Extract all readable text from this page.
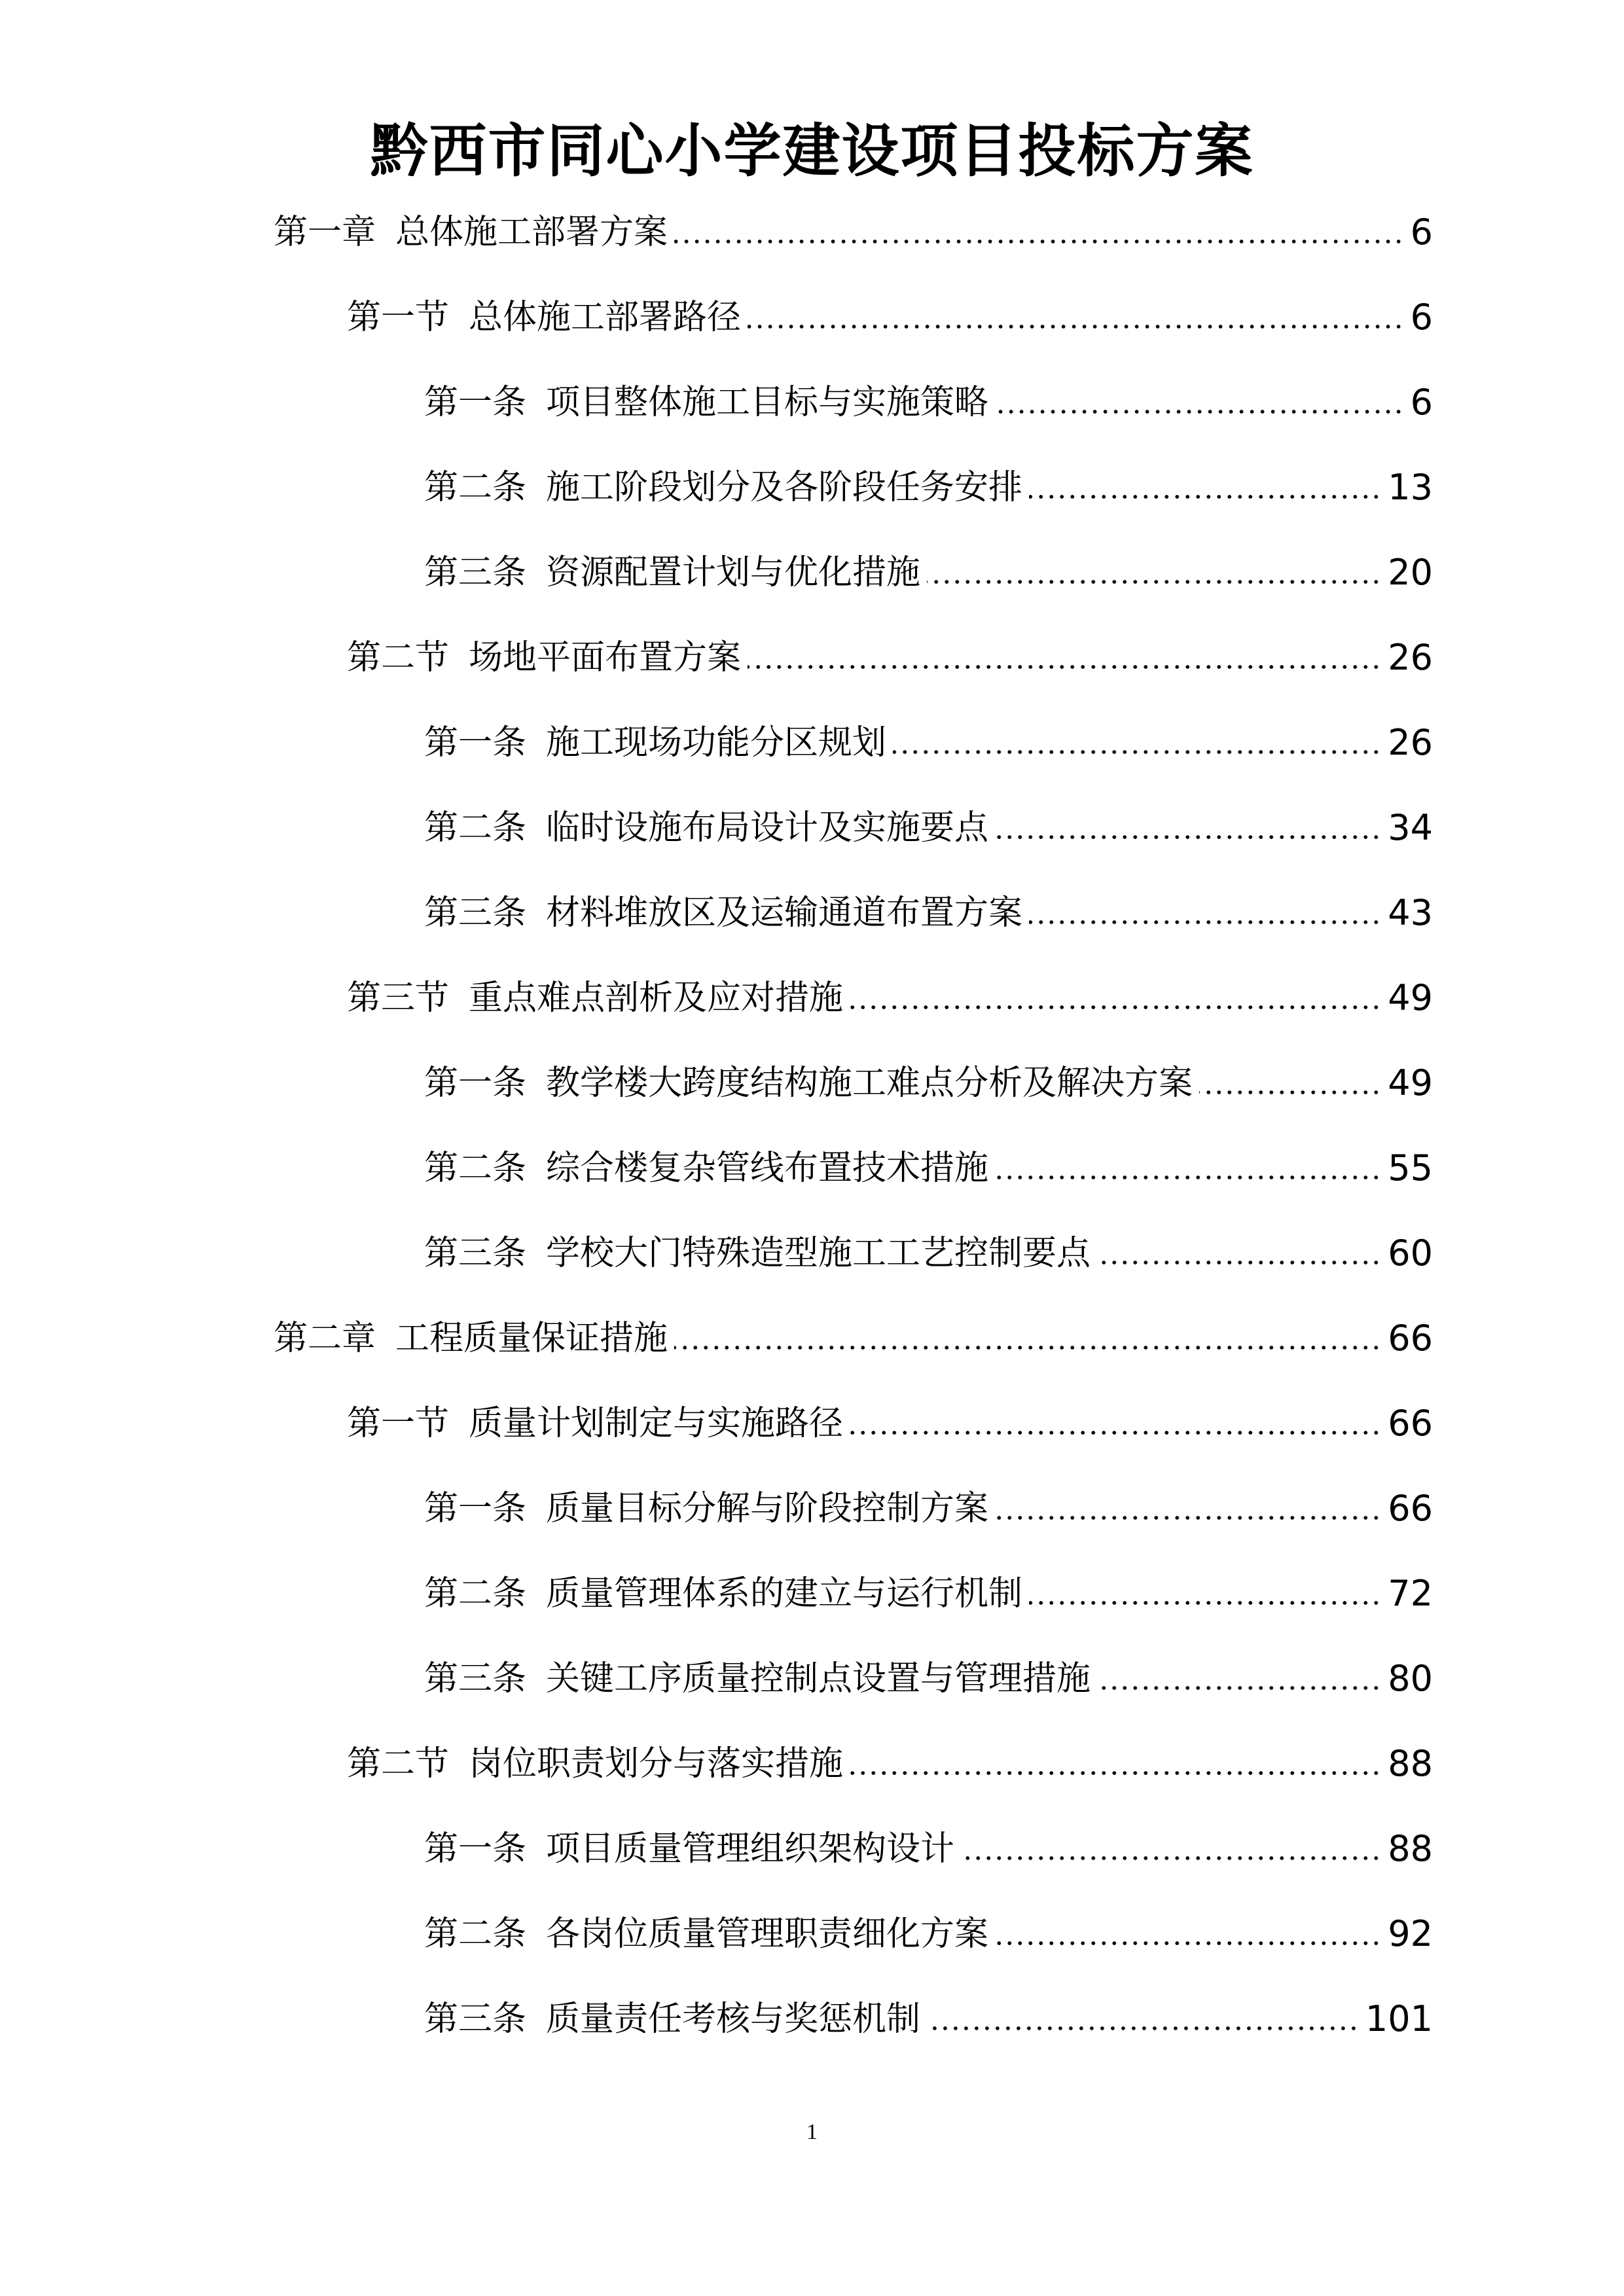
黔西市同心小学建设项目投标方案
第一章 总体施工部署方案	6
第一节 总体施工部署路径	6
第一条 项目整体施工目标与实施策略	6
第二条 施工阶段划分及各阶段任务安排	13
第三条 资源配置计划与优化措施	20
第二节 场地平面布置方案	26
第一条 施工现场功能分区规划	26
第二条 临时设施布局设计及实施要点	34
第三条 材料堆放区及运输通道布置方案	43
第三节 重点难点剖析及应对措施	49
第一条 教学楼大跨度结构施工难点分析及解决方案	49
第二条 综合楼复杂管线布置技术措施	55
第三条 学校大门特殊造型施工工艺控制要点	60
第二章 工程质量保证措施	66
第一节 质量计划制定与实施路径	66
第一条 质量目标分解与阶段控制方案	66
第二条 质量管理体系的建立与运行机制	72
第三条 关键工序质量控制点设置与管理措施	80
第二节 岗位职责划分与落实措施	88
第一条 项目质量管理组织架构设计	88
第二条 各岗位质量管理职责细化方案	92
第三条 质量责任考核与奖惩机制	101
1
